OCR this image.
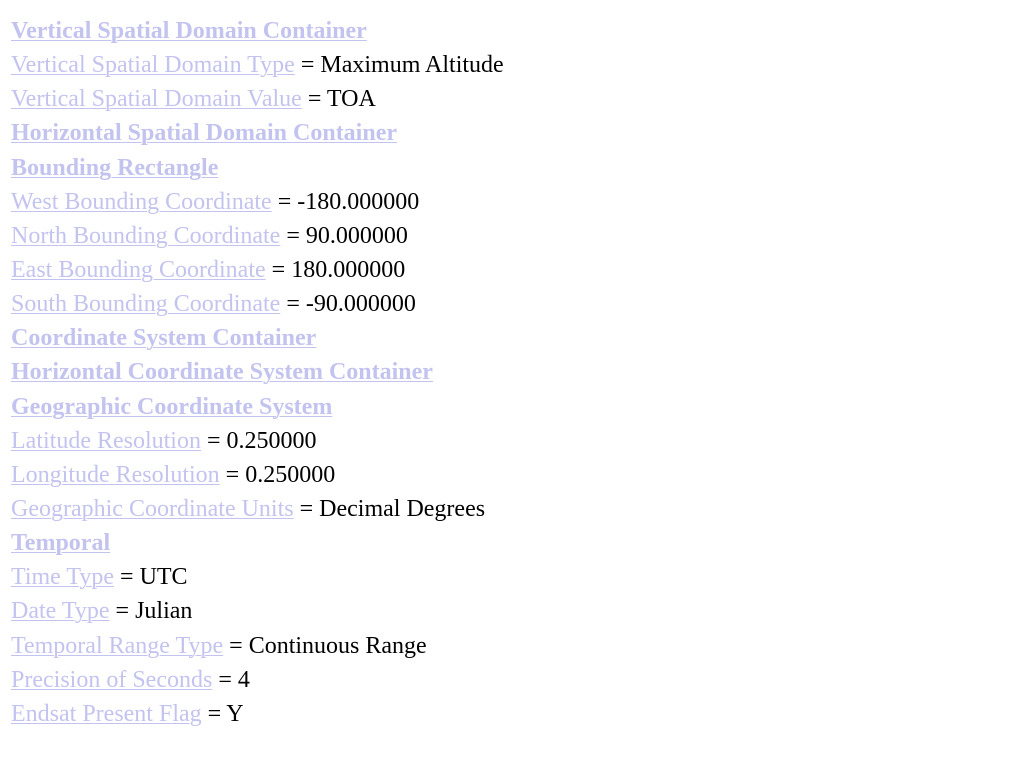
Vertical Spatial Domain Container
Vertical Spatial Domain Type = Maximum Altitude
Vertical Spatial Domain Value = TOA
Horizontal Spatial Domain Container
Bounding Rectangle
West Bounding Coordinate = -180.000000
North Bounding Coordinate = 90.000000
East Bounding Coordinate = 180.000000
South Bounding Coordinate = -90.000000
Coordinate System Container
Horizontal Coordinate System Container
Geographic Coordinate System
Latitude Resolution = 0.250000
Longitude Resolution = 0.250000
Geographic Coordinate Units = Decimal Degrees
Temporal
Time Type = UTC
Date Type = Julian
Temporal Range Type = Continuous Range
Precision of Seconds = 4
Endsat Present Flag = Y
